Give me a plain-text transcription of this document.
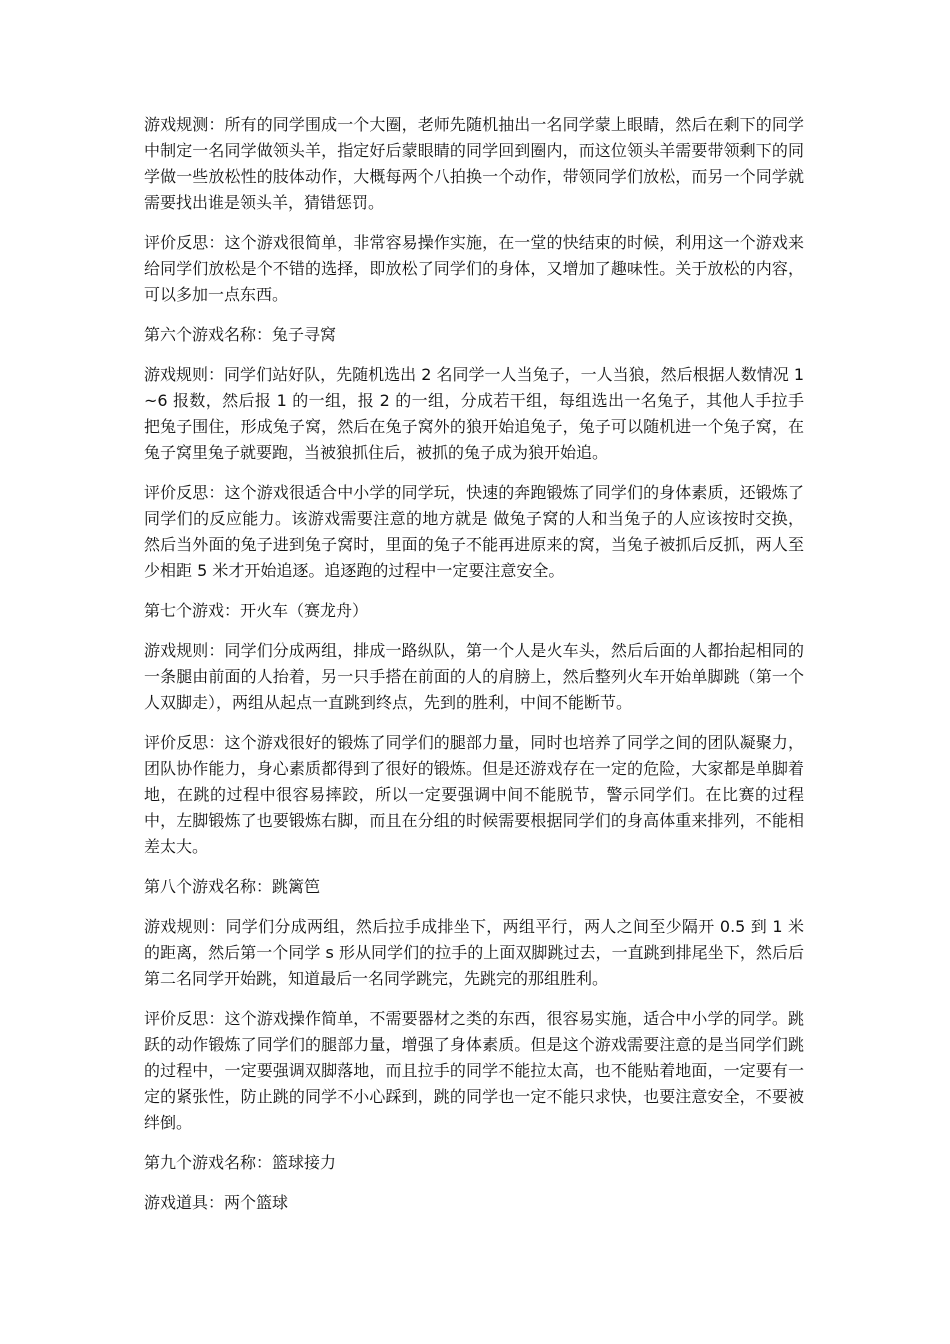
游戏规测：所有的同学围成一个大圈，老师先随机抽出一名同学蒙上眼睛，然后在剩下的同学中制定一名同学做领头羊，指定好后蒙眼睛的同学回到圈内，而这位领头羊需要带领剩下的同学做一些放松性的肢体动作，大概每两个八拍换一个动作，带领同学们放松，而另一个同学就需要找出谁是领头羊，猜错惩罚。

评价反思：这个游戏很简单，非常容易操作实施，在一堂的快结束的时候，利用这一个游戏来给同学们放松是个不错的选择，即放松了同学们的身体，又增加了趣味性。关于放松的内容，可以多加一点东西。

第六个游戏名称：兔子寻窝

游戏规则：同学们站好队，先随机选出 2 名同学一人当兔子，一人当狼，然后根据人数情况 1~6 报数，然后报 1 的一组，报 2 的一组，分成若干组，每组选出一名兔子，其他人手拉手把兔子围住，形成兔子窝，然后在兔子窝外的狼开始追兔子，兔子可以随机进一个兔子窝，在兔子窝里兔子就要跑，当被狼抓住后，被抓的兔子成为狼开始追。

评价反思：这个游戏很适合中小学的同学玩，快速的奔跑锻炼了同学们的身体素质，还锻炼了同学们的反应能力。该游戏需要注意的地方就是 做兔子窝的人和当兔子的人应该按时交换，然后当外面的兔子进到兔子窝时，里面的兔子不能再进原来的窝，当兔子被抓后反抓，两人至少相距 5 米才开始追逐。追逐跑的过程中一定要注意安全。

第七个游戏：开火车（赛龙舟）

游戏规则：同学们分成两组，排成一路纵队，第一个人是火车头，然后后面的人都抬起相同的一条腿由前面的人抬着，另一只手搭在前面的人的肩膀上，然后整列火车开始单脚跳（第一个人双脚走），两组从起点一直跳到终点，先到的胜利，中间不能断节。

评价反思：这个游戏很好的锻炼了同学们的腿部力量，同时也培养了同学之间的团队凝聚力，团队协作能力，身心素质都得到了很好的锻炼。但是还游戏存在一定的危险，大家都是单脚着地，在跳的过程中很容易摔跤，所以一定要强调中间不能脱节，警示同学们。在比赛的过程中，左脚锻炼了也要锻炼右脚，而且在分组的时候需要根据同学们的身高体重来排列，不能相差太大。

第八个游戏名称：跳篱笆

游戏规则：同学们分成两组，然后拉手成排坐下，两组平行，两人之间至少隔开 0.5 到 1 米的距离，然后第一个同学 s 形从同学们的拉手的上面双脚跳过去，一直跳到排尾坐下，然后后第二名同学开始跳，知道最后一名同学跳完，先跳完的那组胜利。

评价反思：这个游戏操作简单，不需要器材之类的东西，很容易实施，适合中小学的同学。跳跃的动作锻炼了同学们的腿部力量，增强了身体素质。但是这个游戏需要注意的是当同学们跳的过程中，一定要强调双脚落地，而且拉手的同学不能拉太高，也不能贴着地面，一定要有一定的紧张性，防止跳的同学不小心踩到，跳的同学也一定不能只求快，也要注意安全，不要被绊倒。

第九个游戏名称：篮球接力

游戏道具：两个篮球
